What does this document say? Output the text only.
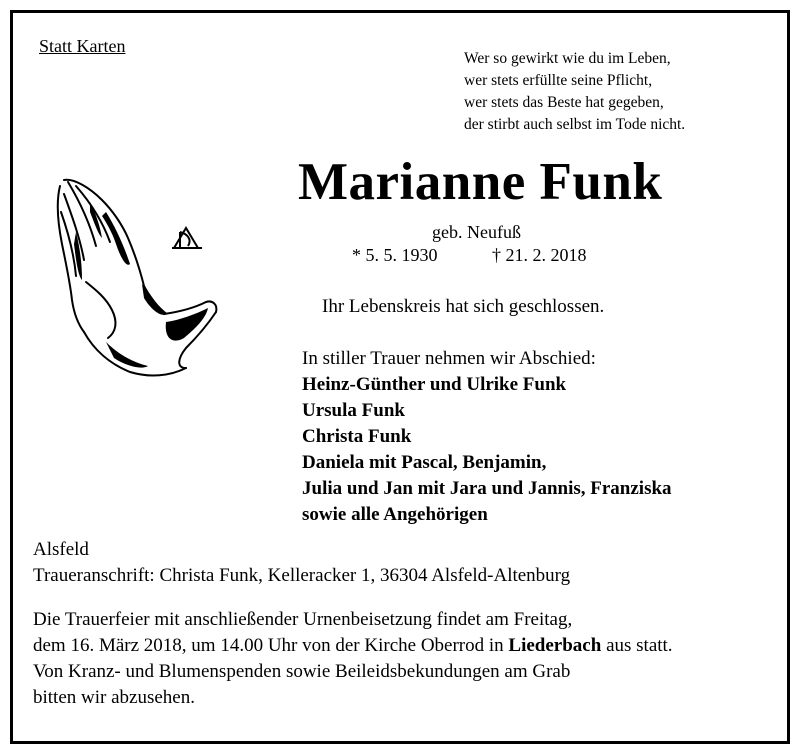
Statt Karten
Wer so gewirkt wie du im Leben,
wer stets erfüllte seine Pflicht,
wer stets das Beste hat gegeben,
der stirbt auch selbst im Tode nicht.
Marianne Funk
geb. Neufuß
* 5. 5. 1930	† 21. 2. 2018
Ihr Lebenskreis hat sich geschlossen.
In stiller Trauer nehmen wir Abschied:
Heinz-Günther und Ulrike Funk
Ursula Funk
Christa Funk
Daniela mit Pascal, Benjamin,
Julia und Jan mit Jara und Jannis, Franziska
sowie alle Angehörigen
Alsfeld
Traueranschrift: Christa Funk, Kelleracker 1, 36304 Alsfeld-Altenburg
Die Trauerfeier mit anschließender Urnenbeisetzung findet am Freitag,
dem 16. März 2018, um 14.00 Uhr von der Kirche Oberrod in Liederbach aus statt.
Von Kranz- und Blumenspenden sowie Beileidsbekundungen am Grab
bitten wir abzusehen.
